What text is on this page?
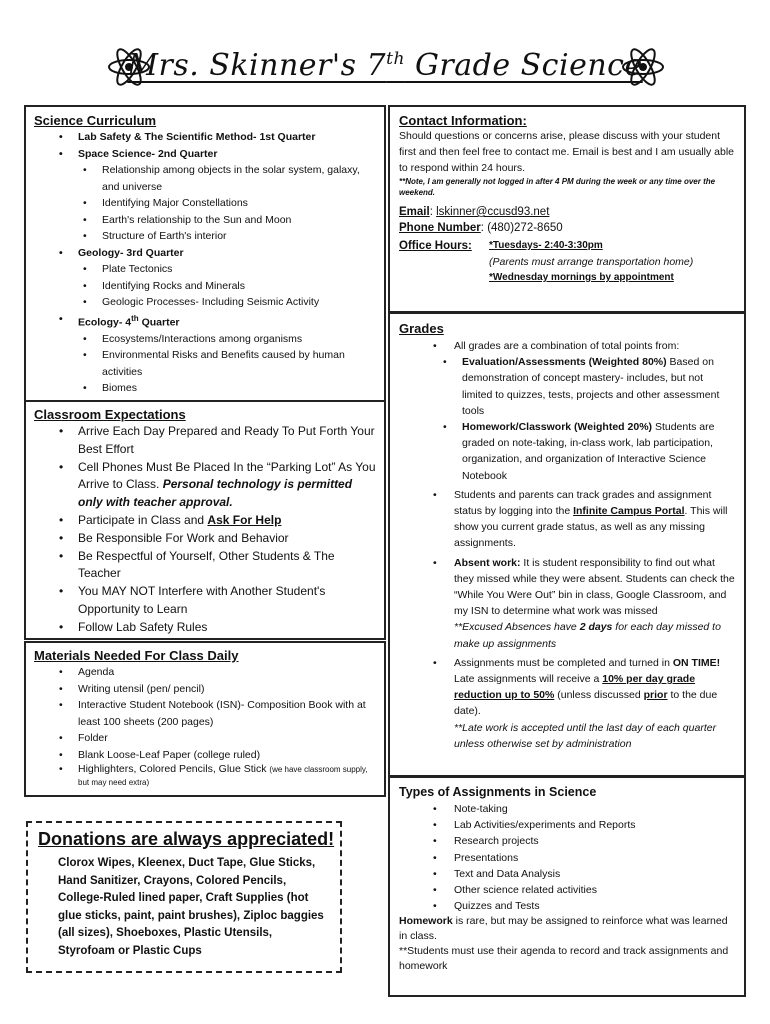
Mrs. Skinner's 7th Grade Science
Science Curriculum
• Lab Safety & The Scientific Method- 1st Quarter
• Space Science- 2nd Quarter
• Relationship among objects in the solar system, galaxy, and universe
• Identifying Major Constellations
• Earth's relationship to the Sun and Moon
• Structure of Earth's interior
• Geology- 3rd Quarter
• Plate Tectonics
• Identifying Rocks and Minerals
• Geologic Processes- Including Seismic Activity
• Ecology- 4th Quarter
• Ecosystems/Interactions among organisms
• Environmental Risks and Benefits caused by human activities
• Biomes
Classroom Expectations
• Arrive Each Day Prepared and Ready To Put Forth Your Best Effort
• Cell Phones Must Be Placed In the “Parking Lot” As You Arrive to Class. Personal technology is permitted only with teacher approval.
• Participate in Class and Ask For Help
• Be Responsible For Work and Behavior
• Be Respectful of Yourself, Other Students & The Teacher
• You MAY NOT Interfere with Another Student's Opportunity to Learn
• Follow Lab Safety Rules
Materials Needed For Class Daily
• Agenda
• Writing utensil (pen/ pencil)
• Interactive Student Notebook (ISN)- Composition Book with at least 100 sheets (200 pages)
• Folder
• Blank Loose-Leaf Paper (college ruled)
• Highlighters, Colored Pencils, Glue Stick (we have classroom supply, but may need extra)
Donations are always appreciated!
Clorox Wipes, Kleenex, Duct Tape, Glue Sticks, Hand Sanitizer, Crayons, Colored Pencils, College-Ruled lined paper, Craft Supplies (hot glue sticks, paint, paint brushes), Ziploc baggies (all sizes), Shoeboxes, Plastic Utensils, Styrofoam or Plastic Cups
Contact Information:
Should questions or concerns arise, please discuss with your student first and then feel free to contact me. Email is best and I am usually able to respond within 24 hours.
**Note, I am generally not logged in after 4 PM during the week or any time over the weekend.
Email: lskinner@ccusd93.net
Phone Number: (480)272-8650
Office Hours: *Tuesdays- 2:40-3:30pm
(Parents must arrange transportation home)
*Wednesday mornings by appointment
Grades
• All grades are a combination of total points from:
• Evaluation/Assessments (Weighted 80%) Based on demonstration of concept mastery- includes, but not limited to quizzes, tests, projects and other assessment tools
• Homework/Classwork (Weighted 20%) Students are graded on note-taking, in-class work, lab participation, organization, and organization of Interactive Science Notebook
• Students and parents can track grades and assignment status by logging into the Infinite Campus Portal. This will show you current grade status, as well as any missing assignments.
• Absent work: It is student responsibility to find out what they missed while they were absent. Students can check the “While You Were Out” bin in class, Google Classroom, and my ISN to determine what work was missed
**Excused Absences have 2 days for each day missed to make up assignments
• Assignments must be completed and turned in ON TIME! Late assignments will receive a 10% per day grade reduction up to 50% (unless discussed prior to the due date).
**Late work is accepted until the last day of each quarter unless otherwise set by administration
Types of Assignments in Science
• Note-taking
• Lab Activities/experiments and Reports
• Research projects
• Presentations
• Text and Data Analysis
• Other science related activities
• Quizzes and Tests
Homework is rare, but may be assigned to reinforce what was learned in class.
**Students must use their agenda to record and track assignments and homework
